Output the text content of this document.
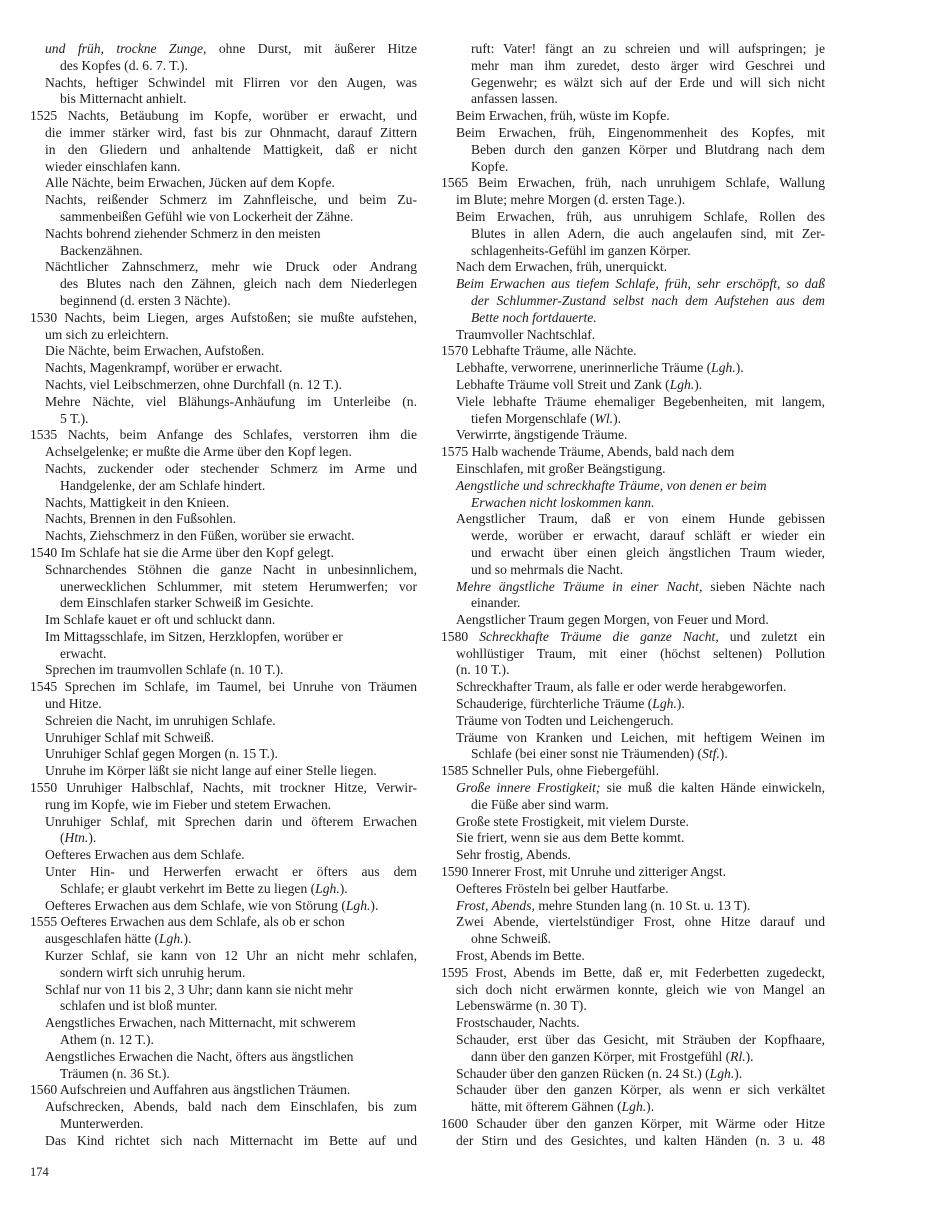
und früh, trockne Zunge, ohne Durst, mit äußerer Hitze
des Kopfes (d. 6. 7. T.).
Nachts, heftiger Schwindel mit Flirren vor den Augen, was
bis Mitternacht anhielt.
1525 Nachts, Betäubung im Kopfe, worüber er erwacht, und
die immer stärker wird, fast bis zur Ohnmacht, darauf Zittern
in den Gliedern und anhaltende Mattigkeit, daß er nicht
wieder einschlafen kann.
Alle Nächte, beim Erwachen, Jücken auf dem Kopfe.
Nachts, reißender Schmerz im Zahnfleische, und beim Zu-
sammenbeißen Gefühl wie von Lockerheit der Zähne.
Nachts bohrend ziehender Schmerz in den meisten
Backenzähnen.
Nächtlicher Zahnschmerz, mehr wie Druck oder Andrang
des Blutes nach den Zähnen, gleich nach dem Niederlegen
beginnend (d. ersten 3 Nächte).
1530 Nachts, beim Liegen, arges Aufstoßen; sie mußte aufstehen,
um sich zu erleichtern.
Die Nächte, beim Erwachen, Aufstoßen.
Nachts, Magenkrampf, worüber er erwacht.
Nachts, viel Leibschmerzen, ohne Durchfall (n. 12 T.).
Mehre Nächte, viel Blähungs-Anhäufung im Unterleibe (n.
5 T.).
1535 Nachts, beim Anfange des Schlafes, verstorren ihm die
Achselgelenke; er mußte die Arme über den Kopf legen.
Nachts, zuckender oder stechender Schmerz im Arme und
Handgelenke, der am Schlafe hindert.
Nachts, Mattigkeit in den Knieen.
Nachts, Brennen in den Fußsohlen.
Nachts, Ziehschmerz in den Füßen, worüber sie erwacht.
1540 Im Schlafe hat sie die Arme über den Kopf gelegt.
Schnarchendes Stöhnen die ganze Nacht in unbesinnlichem,
unerwecklichen Schlummer, mit stetem Herumwerfen; vor
dem Einschlafen starker Schweiß im Gesichte.
Im Schlafe kauet er oft und schluckt dann.
Im Mittagsschlafe, im Sitzen, Herzklopfen, worüber er
erwacht.
Sprechen im traumvollen Schlafe (n. 10 T.).
1545 Sprechen im Schlafe, im Taumel, bei Unruhe von Träumen
und Hitze.
Schreien die Nacht, im unruhigen Schlafe.
Unruhiger Schlaf mit Schweiß.
Unruhiger Schlaf gegen Morgen (n. 15 T.).
Unruhe im Körper läßt sie nicht lange auf einer Stelle liegen.
1550 Unruhiger Halbschlaf, Nachts, mit trockner Hitze, Verwir-
rung im Kopfe, wie im Fieber und stetem Erwachen.
Unruhiger Schlaf, mit Sprechen darin und öfterem Erwachen
(Htn.).
Oefteres Erwachen aus dem Schlafe.
Unter Hin- und Herwerfen erwacht er öfters aus dem
Schlafe; er glaubt verkehrt im Bette zu liegen (Lgh.).
Oefteres Erwachen aus dem Schlafe, wie von Störung (Lgh.).
1555 Oefteres Erwachen aus dem Schlafe, als ob er schon
ausgeschlafen hätte (Lgh.).
Kurzer Schlaf, sie kann von 12 Uhr an nicht mehr schlafen,
sondern wirft sich unruhig herum.
Schlaf nur von 11 bis 2, 3 Uhr; dann kann sie nicht mehr
schlafen und ist bloß munter.
Aengstliches Erwachen, nach Mitternacht, mit schwerem
Athem (n. 12 T.).
Aengstliches Erwachen die Nacht, öfters aus ängstlichen
Träumen (n. 36 St.).
1560 Aufschreien und Auffahren aus ängstlichen Träumen.
Aufschrecken, Abends, bald nach dem Einschlafen, bis zum
Munterwerden.
Das Kind richtet sich nach Mitternacht im Bette auf und
ruft: Vater! fängt an zu schreien und will aufspringen; je
mehr man ihm zuredet, desto ärger wird Geschrei und
Gegenwehr; es wälzt sich auf der Erde und will sich nicht
anfassen lassen.
Beim Erwachen, früh, wüste im Kopfe.
Beim Erwachen, früh, Eingenommenheit des Kopfes, mit
Beben durch den ganzen Körper und Blutdrang nach dem
Kopfe.
1565 Beim Erwachen, früh, nach unruhigem Schlafe, Wallung
im Blute; mehre Morgen (d. ersten Tage.).
Beim Erwachen, früh, aus unruhigem Schlafe, Rollen des
Blutes in allen Adern, die auch angelaufen sind, mit Zer-
schlagenheits-Gefühl im ganzen Körper.
Nach dem Erwachen, früh, unerquickt.
Beim Erwachen aus tiefem Schlafe, früh, sehr erschöpft, so daß
der Schlummer-Zustand selbst nach dem Aufstehen aus dem
Bette noch fortdauerte.
Traumvoller Nachtschlaf.
1570 Lebhafte Träume, alle Nächte.
Lebhafte, verworrene, unerinnerliche Träume (Lgh.).
Lebhafte Träume voll Streit und Zank (Lgh.).
Viele lebhafte Träume ehemaliger Begebenheiten, mit langem,
tiefen Morgenschlafe (Wl.).
Verwirrte, ängstigende Träume.
1575 Halb wachende Träume, Abends, bald nach dem
Einschlafen, mit großer Beängstigung.
Aengstliche und schreckhafte Träume, von denen er beim
Erwachen nicht loskommen kann.
Aengstlicher Traum, daß er von einem Hunde gebissen
werde, worüber er erwacht, darauf schläft er wieder ein
und erwacht über einen gleich ängstlichen Traum wieder,
und so mehrmals die Nacht.
Mehre ängstliche Träume in einer Nacht, sieben Nächte nach
einander.
Aengstlicher Traum gegen Morgen, von Feuer und Mord.
1580 Schreckhafte Träume die ganze Nacht, und zuletzt ein
wohllüstiger Traum, mit einer (höchst seltenen) Pollution
(n. 10 T.).
Schreckhafter Traum, als falle er oder werde herabgeworfen.
Schauderige, fürchterliche Träume (Lgh.).
Träume von Todten und Leichengeruch.
Träume von Kranken und Leichen, mit heftigem Weinen im
Schlafe (bei einer sonst nie Träumenden) (Stf.).
1585 Schneller Puls, ohne Fiebergefühl.
Große innere Frostigkeit; sie muß die kalten Hände einwickeln,
die Füße aber sind warm.
Große stete Frostigkeit, mit vielem Durste.
Sie friert, wenn sie aus dem Bette kommt.
Sehr frostig, Abends.
1590 Innerer Frost, mit Unruhe und zitteriger Angst.
Oefteres Frösteln bei gelber Hautfarbe.
Frost, Abends, mehre Stunden lang (n. 10 St. u. 13 T).
Zwei Abende, viertelstündiger Frost, ohne Hitze darauf und
ohne Schweiß.
Frost, Abends im Bette.
1595 Frost, Abends im Bette, daß er, mit Federbetten zugedeckt,
sich doch nicht erwärmen konnte, gleich wie von Mangel an
Lebenswärme (n. 30 T).
Frostschauder, Nachts.
Schauder, erst über das Gesicht, mit Sträuben der Kopfhaare,
dann über den ganzen Körper, mit Frostgefühl (Rl.).
Schauder über den ganzen Rücken (n. 24 St.) (Lgh.).
Schauder über den ganzen Körper, als wenn er sich verkältet
hätte, mit öfterem Gähnen (Lgh.).
1600 Schauder über den ganzen Körper, mit Wärme oder Hitze
der Stirn und des Gesichtes, und kalten Händen (n. 3 u. 48
174
